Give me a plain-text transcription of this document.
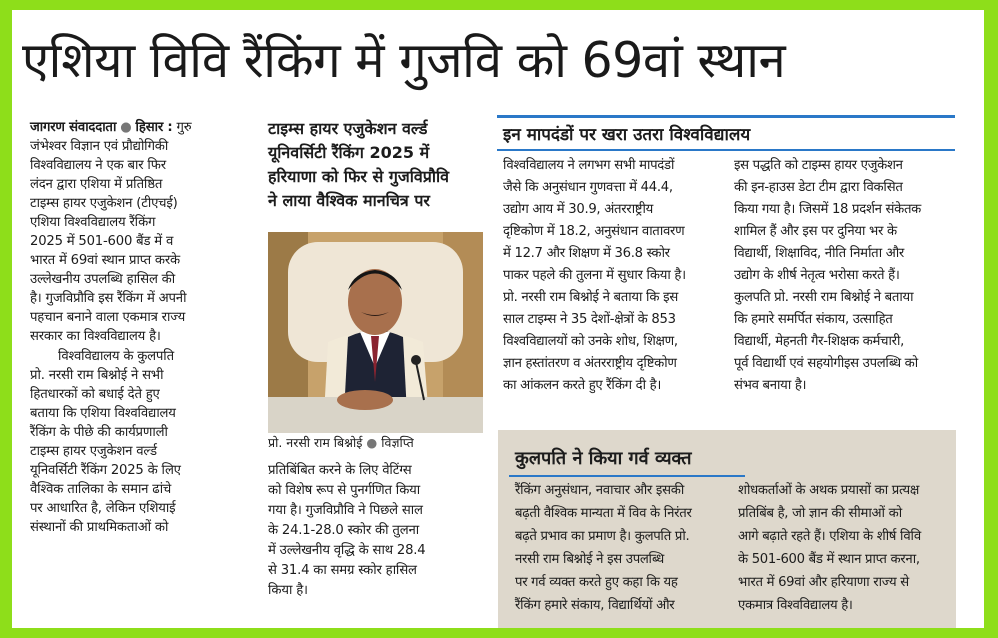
एशिया विवि रैंकिंग में गुजवि को 69वां स्थान
जागरण संवाददाता ● हिसार : गुरु
जंभेश्वर विज्ञान एवं प्रौद्योगिकी
विश्वविद्यालय ने एक बार फिर
लंदन द्वारा एशिया में प्रतिष्ठित
टाइम्स हायर एजुकेशन (टीएचई)
एशिया विश्वविद्यालय रैंकिंग
2025 में 501-600 बैंड में व
भारत में 69वां स्थान प्राप्त करके
उल्लेखनीय उपलब्धि हासिल की
है। गुजविप्रौवि इस रैंकिंग में अपनी
पहचान बनाने वाला एकमात्र राज्य
सरकार का विश्वविद्यालय है।
विश्वविद्यालय के कुलपति
प्रो. नरसी राम बिश्नोई ने सभी
हितधारकों को बधाई देते हुए
बताया कि एशिया विश्वविद्यालय
रैंकिंग के पीछे की कार्यप्रणाली
टाइम्स हायर एजुकेशन वर्ल्ड
यूनिवर्सिटी रैंकिंग 2025 के लिए
वैश्विक तालिका के समान ढांचे
पर आधारित है, लेकिन एशियाई
संस्थानों की प्राथमिकताओं को
टाइम्स हायर एजुकेशन वर्ल्ड
यूनिवर्सिटी रैंकिंग 2025 में
हरियाणा को फिर से गुजविप्रौवि
ने लाया वैश्विक मानचित्र पर
प्रो. नरसी राम बिश्नोई ● विज्ञप्ति
प्रतिबिंबित करने के लिए वेटिंग्स
को विशेष रूप से पुनर्गणित किया
गया है। गुजविप्रौवि ने पिछले साल
के 24.1-28.0 स्कोर की तुलना
में उल्लेखनीय वृद्धि के साथ 28.4
से 31.4 का समग्र स्कोर हासिल
किया है।
इन मापदंडों पर खरा उतरा विश्वविद्यालय
विश्वविद्यालय ने लगभग सभी मापदंडों
जैसे कि अनुसंधान गुणवत्ता में 44.4,
उद्योग आय में 30.9, अंतरराष्ट्रीय
दृष्टिकोण में 18.2, अनुसंधान वातावरण
में 12.7 और शिक्षण में 36.8 स्कोर
पाकर पहले की तुलना में सुधार किया है।
प्रो. नरसी राम बिश्नोई ने बताया कि इस
साल टाइम्स ने 35 देशों-क्षेत्रों के 853
विश्वविद्यालयों को उनके शोध, शिक्षण,
ज्ञान हस्तांतरण व अंतरराष्ट्रीय दृष्टिकोण
का आंकलन करते हुए रैंकिंग दी है।
इस पद्धति को टाइम्स हायर एजुकेशन
की इन-हाउस डेटा टीम द्वारा विकसित
किया गया है। जिसमें 18 प्रदर्शन संकेतक
शामिल हैं और इस पर दुनिया भर के
विद्यार्थी, शिक्षाविद, नीति निर्माता और
उद्योग के शीर्ष नेतृत्व भरोसा करते हैं।
कुलपति प्रो. नरसी राम बिश्नोई ने बताया
कि हमारे समर्पित संकाय, उत्साहित
विद्यार्थी, मेहनती गैर-शिक्षक कर्मचारी,
पूर्व विद्यार्थी एवं सहयोगीइस उपलब्धि को
संभव बनाया है।
कुलपति ने किया गर्व व्यक्त
रैंकिंग अनुसंधान, नवाचार और इसकी
बढ़ती वैश्विक मान्यता में विव के निरंतर
बढ़ते प्रभाव का प्रमाण है। कुलपति प्रो.
नरसी राम बिश्नोई ने इस उपलब्धि
पर गर्व व्यक्त करते हुए कहा कि यह
रैंकिंग हमारे संकाय, विद्यार्थियों और
शोधकर्ताओं के अथक प्रयासों का प्रत्यक्ष
प्रतिबिंब है, जो ज्ञान की सीमाओं को
आगे बढ़ाते रहते हैं। एशिया के शीर्ष विवि
के 501-600 बैंड में स्थान प्राप्त करना,
भारत में 69वां और हरियाणा राज्य से
एकमात्र विश्वविद्यालय है।
